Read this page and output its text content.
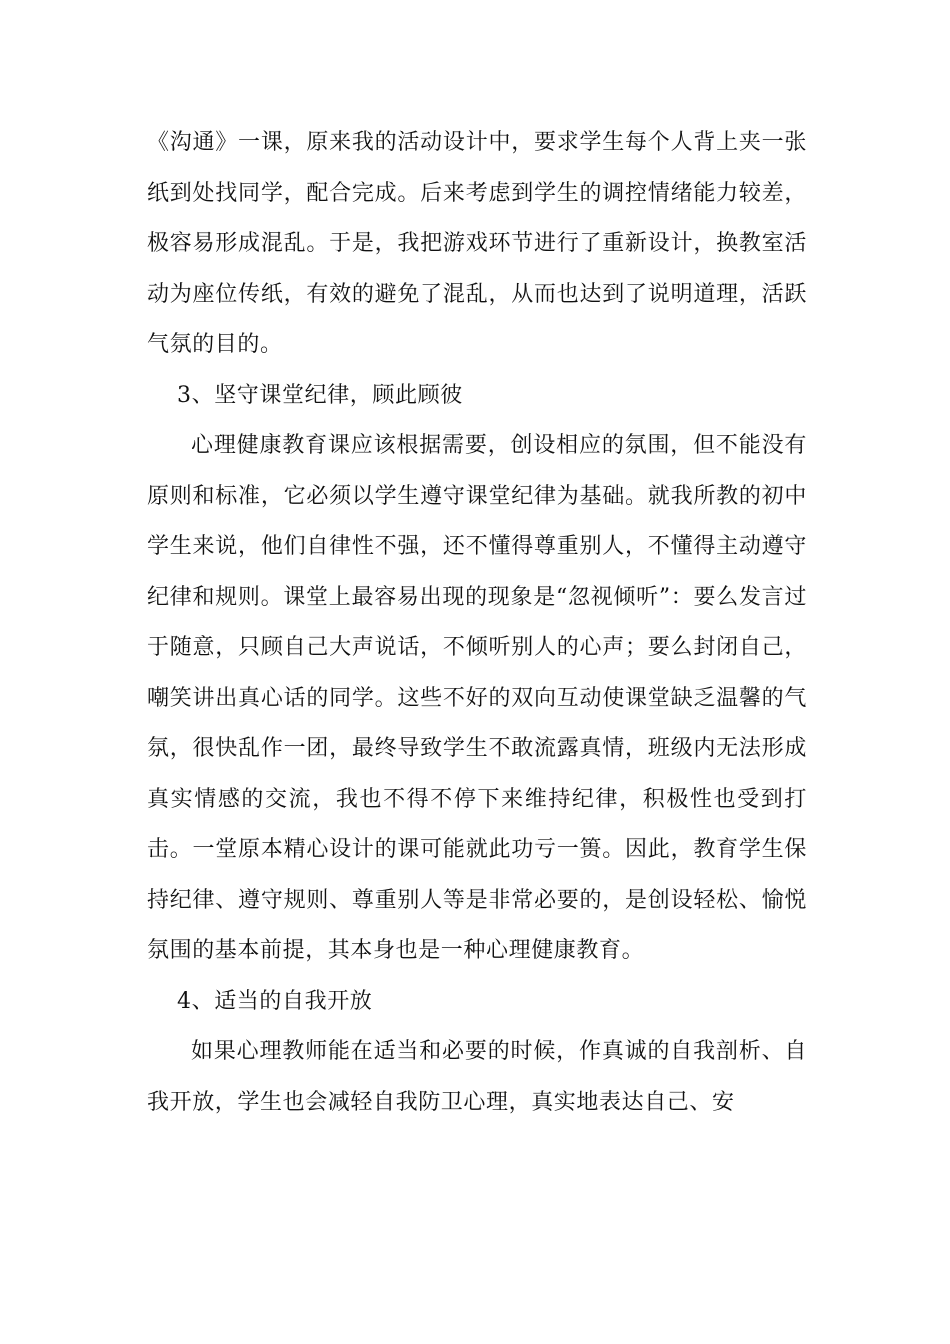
《沟通》一课，原来我的活动设计中，要求学生每个人背上夹一张纸到处找同学，配合完成。后来考虑到学生的调控情绪能力较差，极容易形成混乱。于是，我把游戏环节进行了重新设计，换教室活动为座位传纸，有效的避免了混乱，从而也达到了说明道理，活跃气氛的目的。

3、坚守课堂纪律，顾此顾彼

心理健康教育课应该根据需要，创设相应的氛围，但不能没有原则和标准，它必须以学生遵守课堂纪律为基础。就我所教的初中学生来说，他们自律性不强，还不懂得尊重别人，不懂得主动遵守纪律和规则。课堂上最容易出现的现象是“忽视倾听”：要么发言过于随意，只顾自己大声说话，不倾听别人的心声；要么封闭自己，嘲笑讲出真心话的同学。这些不好的双向互动使课堂缺乏温馨的气氛，很快乱作一团，最终导致学生不敢流露真情，班级内无法形成真实情感的交流，我也不得不停下来维持纪律，积极性也受到打击。一堂原本精心设计的课可能就此功亏一篑。因此，教育学生保持纪律、遵守规则、尊重别人等是非常必要的，是创设轻松、愉悦氛围的基本前提，其本身也是一种心理健康教育。

4、适当的自我开放

如果心理教师能在适当和必要的时候，作真诚的自我剖析、自我开放，学生也会减轻自我防卫心理，真实地表达自己、安
